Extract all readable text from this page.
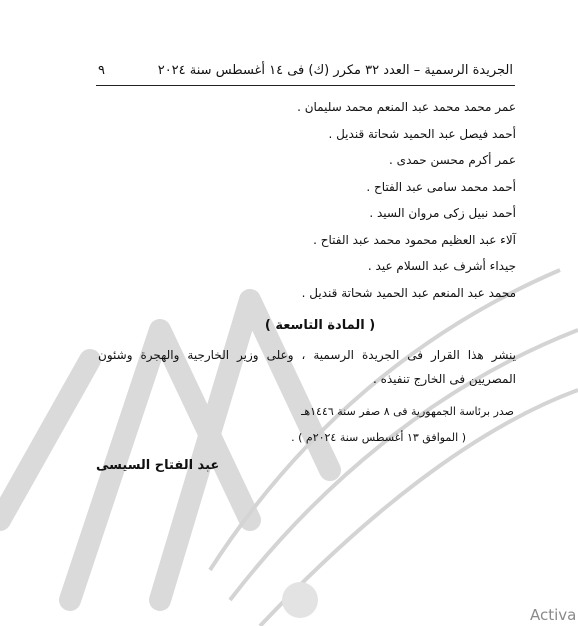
الجريدة الرسمية – العدد ٣٢ مكرر (ك) فى ١٤ أغسطس سنة ٢٠٢٤
٩
عمر محمد محمد عبد المنعم محمد سليمان .
أحمد فيصل عبد الحميد شحاتة قنديل .
عمر أكرم محسن حمدى .
أحمد محمد سامى عبد الفتاح .
أحمد نبيل زكى مروان السيد .
آلاء عبد العظيم محمود محمد عبد الفتاح .
جيداء أشرف عبد السلام عيد .
محمد عبد المنعم عبد الحميد شحاتة قنديل .
( المادة التاسعة )
ينشر هذا القرار فى الجريدة الرسمية ، وعلى وزير الخارجية والهجرة وشئون المصريين فى الخارج تنفيذه .
صدر برئاسة الجمهورية فى ٨ صفر سنة ١٤٤٦هـ
( الموافق ١٣ أغسطس سنة ٢٠٢٤م ) .
عبد الفتاح السيسى
Activa
